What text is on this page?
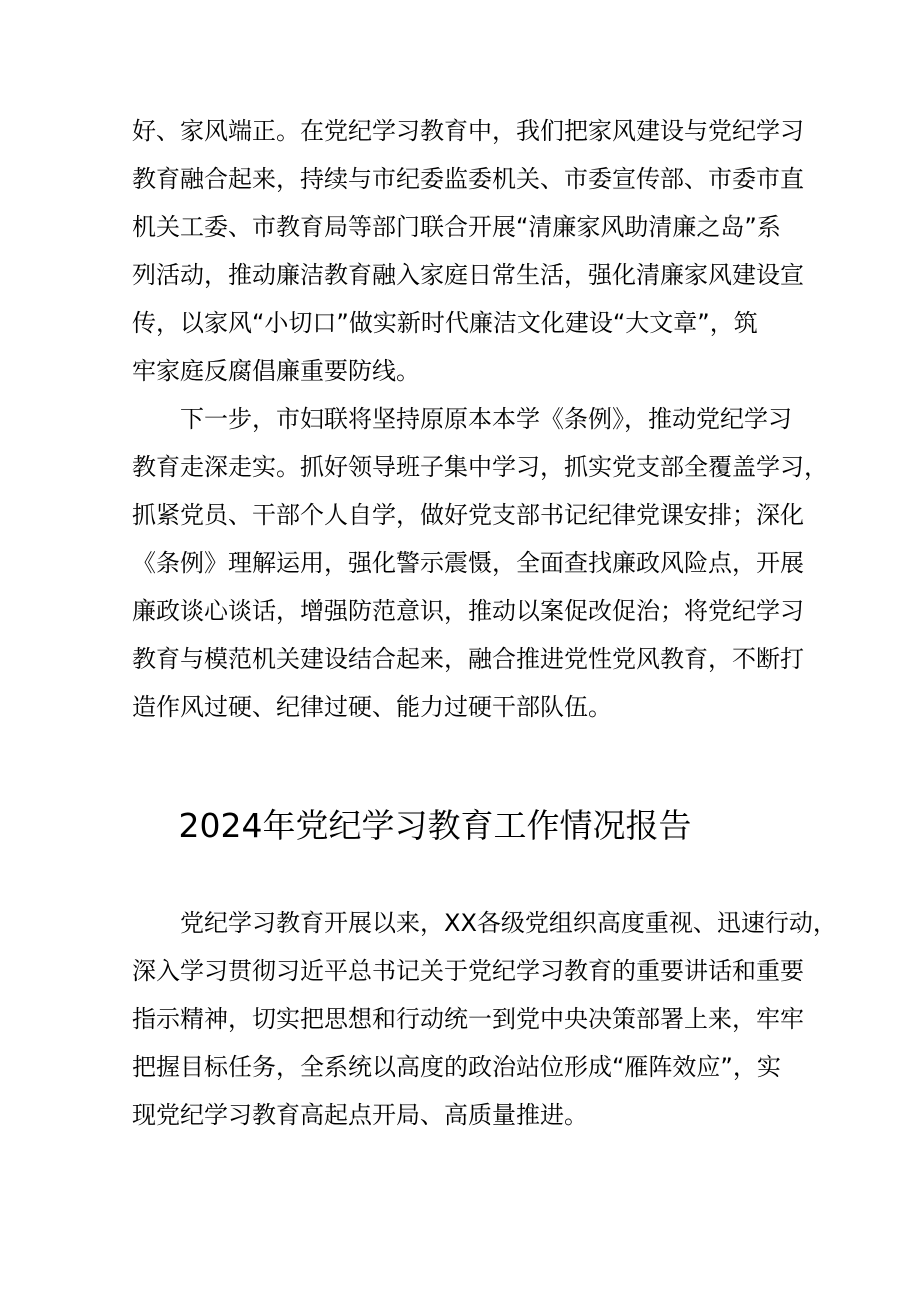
好、家风端正。在党纪学习教育中，我们把家风建设与党纪学习
教育融合起来，持续与市纪委监委机关、市委宣传部、市委市直
机关工委、市教育局等部门联合开展“清廉家风助清廉之岛”系
列活动，推动廉洁教育融入家庭日常生活，强化清廉家风建设宣
传，以家风“小切口”做实新时代廉洁文化建设“大文章”，筑
牢家庭反腐倡廉重要防线。
下一步，市妇联将坚持原原本本学《条例》，推动党纪学习
教育走深走实。抓好领导班子集中学习，抓实党支部全覆盖学习，
抓紧党员、干部个人自学，做好党支部书记纪律党课安排；深化
《条例》理解运用，强化警示震慑，全面查找廉政风险点，开展
廉政谈心谈话，增强防范意识，推动以案促改促治；将党纪学习
教育与模范机关建设结合起来，融合推进党性党风教育，不断打
造作风过硬、纪律过硬、能力过硬干部队伍。
2024年党纪学习教育工作情况报告
党纪学习教育开展以来，XX各级党组织高度重视、迅速行动，
深入学习贯彻习近平总书记关于党纪学习教育的重要讲话和重要
指示精神，切实把思想和行动统一到党中央决策部署上来，牢牢
把握目标任务，全系统以高度的政治站位形成“雁阵效应”，实
现党纪学习教育高起点开局、高质量推进。
